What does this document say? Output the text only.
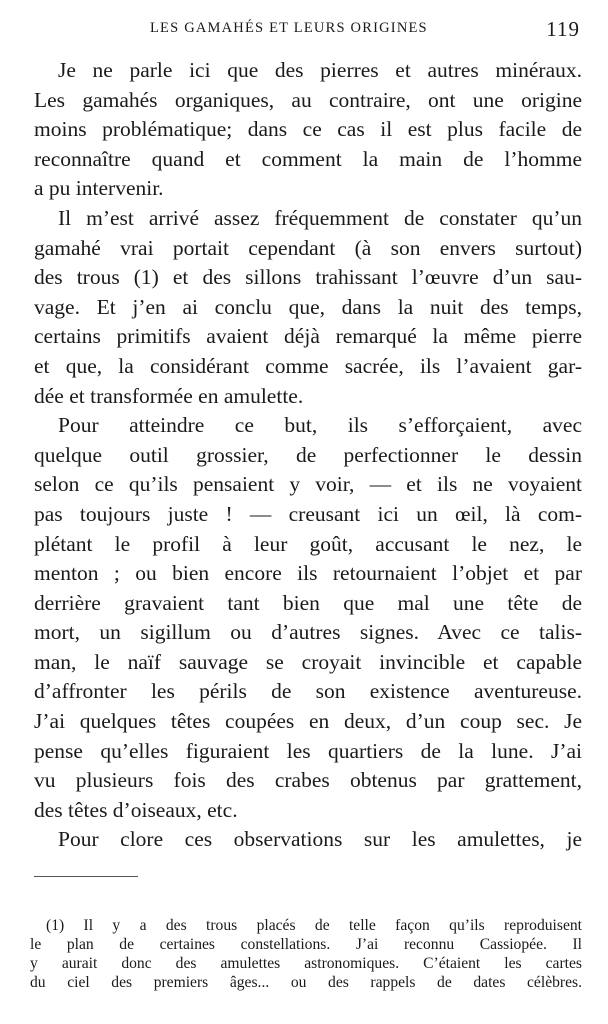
LES GAMAHÉS ET LEURS ORIGINES	119
Je ne parle ici que des pierres et autres minéraux.
Les gamahés organiques, au contraire, ont une origine
moins problématique; dans ce cas il est plus facile de
reconnaître quand et comment la main de l’homme
a pu intervenir.
Il m’est arrivé assez fréquemment de constater qu’un
gamahé vrai portait cependant (à son envers surtout)
des trous (1) et des sillons trahissant l’œuvre d’un sau-
vage. Et j’en ai conclu que, dans la nuit des temps,
certains primitifs avaient déjà remarqué la même pierre
et que, la considérant comme sacrée, ils l’avaient gar-
dée et transformée en amulette.
Pour atteindre ce but, ils s’efforçaient, avec
quelque outil grossier, de perfectionner le dessin
selon ce qu’ils pensaient y voir, — et ils ne voyaient
pas toujours juste ! — creusant ici un œil, là com-
plétant le profil à leur goût, accusant le nez, le
menton ; ou bien encore ils retournaient l’objet et par
derrière gravaient tant bien que mal une tête de
mort, un sigillum ou d’autres signes. Avec ce talis-
man, le naïf sauvage se croyait invincible et capable
d’affronter les périls de son existence aventureuse.
J’ai quelques têtes coupées en deux, d’un coup sec. Je
pense qu’elles figuraient les quartiers de la lune. J’ai
vu plusieurs fois des crabes obtenus par grattement,
des têtes d’oiseaux, etc.
Pour clore ces observations sur les amulettes, je
(1) Il y a des trous placés de telle façon qu’ils reproduisent
le plan de certaines constellations. J’ai reconnu Cassiopée. Il
y aurait donc des amulettes astronomiques. C’étaient les cartes
du ciel des premiers âges... ou des rappels de dates célèbres.
